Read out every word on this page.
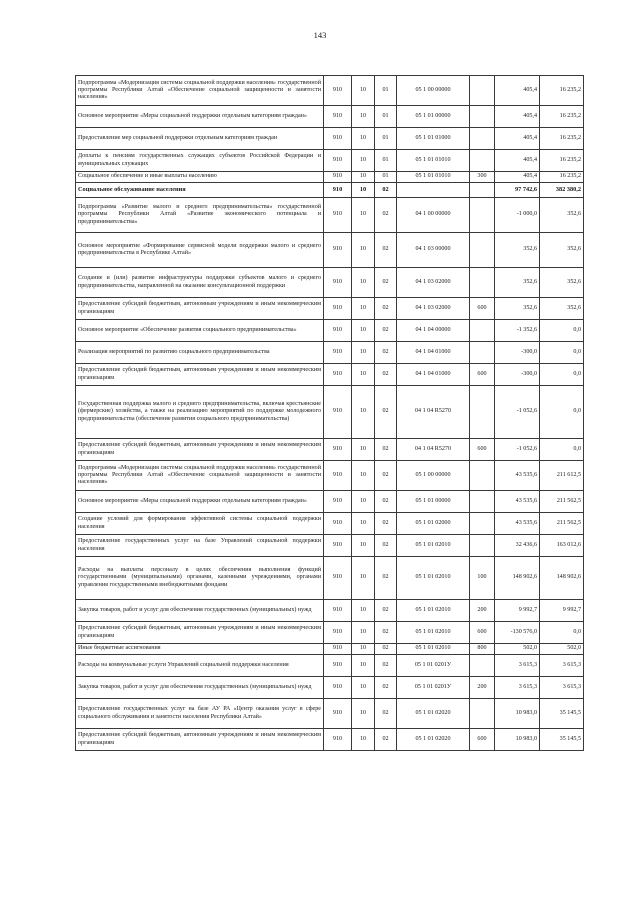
143
Подпрограмма «Модернизация системы социальной поддержки населения» государственной программы Республики Алтай «Обеспечение социальной защищенности и занятости населения»	910	10	01	05 1 00 00000		405,4	16 235,2
Основное мероприятие «Меры социальной поддержки отдельным категориям граждан»	910	10	01	05 1 01 00000		405,4	16 235,2
Предоставление мер социальной поддержки отдельным категориям граждан	910	10	01	05 1 01 01000		405,4	16 235,2
Доплаты к пенсиям государственных служащих субъектов Российской Федерации и муниципальных служащих	910	10	01	05 1 01 01010		405,4	16 235,2
Социальное обеспечение и иные выплаты населению	910	10	01	05 1 01 01010	300	405,4	16 235,2
Социальное обслуживание населения	910	10	02			97 742,6	382 380,2
Подпрограмма «Развитие малого и среднего предпринимательства» государственной программы Республики Алтай «Развитие экономического потенциала и предпринимательства»	910	10	02	04 1 00 00000		-1 000,0	352,6
Основное мероприятие «Формирование сервисной модели поддержки малого и среднего предпринимательства в Республике Алтай»	910	10	02	04 1 03 00000		352,6	352,6
Создание и (или) развитие инфраструктуры поддержки субъектов малого и среднего предпринимательства, направленной на оказание консультационной поддержки	910	10	02	04 1 03 02000		352,6	352,6
Предоставление субсидий бюджетным, автономным учреждениям и иным некоммерческим организациям	910	10	02	04 1 03 02000	600	352,6	352,6
Основное мероприятие «Обеспечение развития социального предпринимательства»	910	10	02	04 1 04 00000		-1 352,6	0,0
Реализация мероприятий по развитию социального предпринимательства	910	10	02	04 1 04 01000		-300,0	0,0
Предоставление субсидий бюджетным, автономным учреждениям и иным некоммерческим организациям	910	10	02	04 1 04 01000	600	-300,0	0,0
Государственная поддержка малого и среднего предпринимательства, включая крестьянские (фермерские) хозяйства, а также на реализацию мероприятий по поддержке молодежного предпринимательства (обеспечение развития социального предпринимательства)	910	10	02	04 1 04 R5270		-1 052,6	0,0
Предоставление субсидий бюджетным, автономным учреждениям и иным некоммерческим организациям	910	10	02	04 1 04 R5270	600	-1 052,6	0,0
Подпрограмма «Модернизация системы социальной поддержки населения» государственной программы Республики Алтай «Обеспечение социальной защищенности и занятости населения»	910	10	02	05 1 00 00000		43 535,6	211 612,5
Основное мероприятие «Меры социальной поддержки отдельным категориям граждан»	910	10	02	05 1 01 00000		43 535,6	211 562,5
Создание условий для формирования эффективной системы социальной поддержки населения	910	10	02	05 1 01 02000		43 535,6	211 562,5
Предоставление государственных услуг на базе Управлений социальной поддержки населения	910	10	02	05 1 01 02010		32 436,6	163 012,6
Расходы на выплаты персоналу в целях обеспечения выполнения функций государственными (муниципальными) органами, казенными учреждениями, органами управления государственными внебюджетными фондами	910	10	02	05 1 01 02010	100	148 902,6	148 902,6
Закупка товаров, работ и услуг для обеспечения государственных (муниципальных) нужд	910	10	02	05 1 01 02010	200	9 992,7	9 992,7
Предоставление субсидий бюджетным, автономным учреждениям и иным некоммерческим организациям	910	10	02	05 1 01 02010	600	-130 576,0	0,0
Иные бюджетные ассигнования	910	10	02	05 1 01 02010	800	502,0	502,0
Расходы на коммунальные услуги Управлений социальной поддержки населения	910	10	02	05 1 01 0201У		3 615,3	3 615,3
Закупка товаров, работ и услуг для обеспечения государственных (муниципальных) нужд	910	10	02	05 1 01 0201У	200	3 615,3	3 615,3
Предоставление государственных услуг на базе АУ РА «Центр оказания услуг в сфере социального обслуживания и занятости населения Республики Алтай»	910	10	02	05 1 01 02020		10 983,0	35 145,5
Предоставление субсидий бюджетным, автономным учреждениям и иным некоммерческим организациям	910	10	02	05 1 01 02020	600	10 983,0	35 145,5
